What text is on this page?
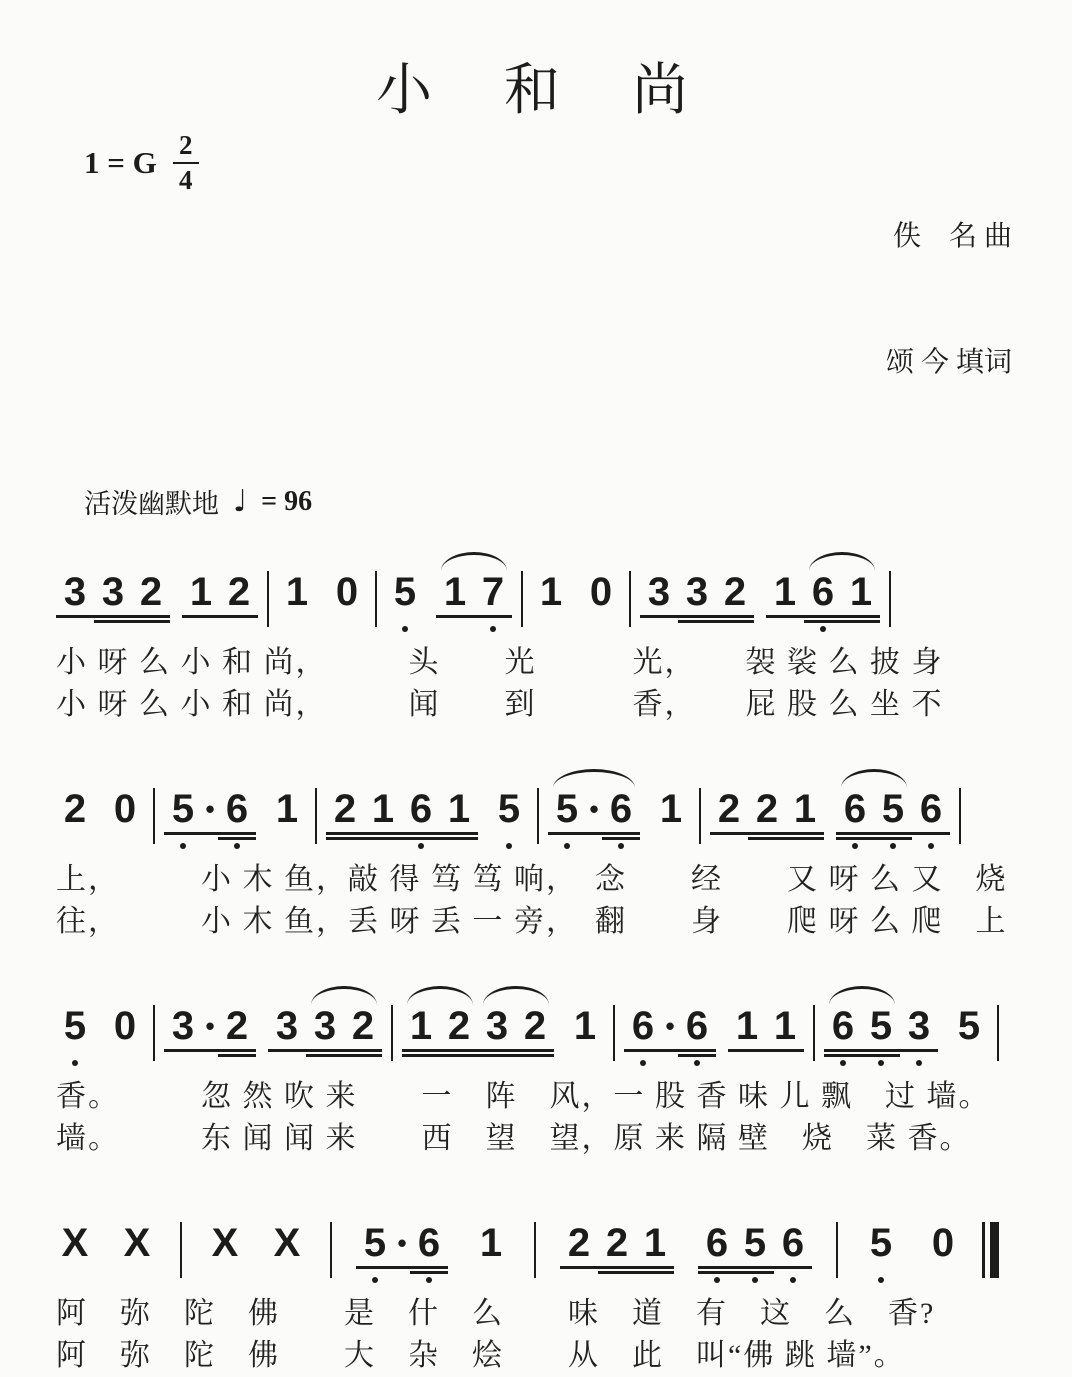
小　和　尚
1 = G $\frac{2}{4}$

佚　名 曲

颂 今 填词

活泼幽默地 ♩ = 96
3 3 2 1 2 1 0 5 1 7 1 0 3 3 2 1 6 1
小 呀 么 小 和 尚，　　　头　　光　　　光，　　袈 裟 么 披 身
小 呀 么 小 和 尚，　　　闻　　到　　　香，　　屁 股 么 坐 不
2 0 5 • 6 1 2 1 6 1 5 5 • 6 1 2 2 1 6 5 6
上，　　　小 木 鱼，敲 得 笃 笃 响，　念　　经　　又 呀 么 又　烧
往，　　　小 木 鱼，丢 呀 丢 一 旁，　翻　　身　　爬 呀 么 爬　上
5 0 3 • 2 3 3 2 1 2 3 2 1 6 • 6 1 1 6 5 3 5
香。　　　忽 然 吹 来　　一　阵　风，一 股 香 味 儿 飘　过 墙。
墙。　　　东 闻 闻 来　　西　望　望，原 来 隔 壁　烧　菜 香。
X X X X 5 • 6 1 2 2 1 6 5 6 5 0
阿　弥　陀　佛　　是　什　么　　味　道　有　这　么　香?
阿　弥　陀　佛　　大　杂　烩　　从　此　叫“佛 跳 墙”。
